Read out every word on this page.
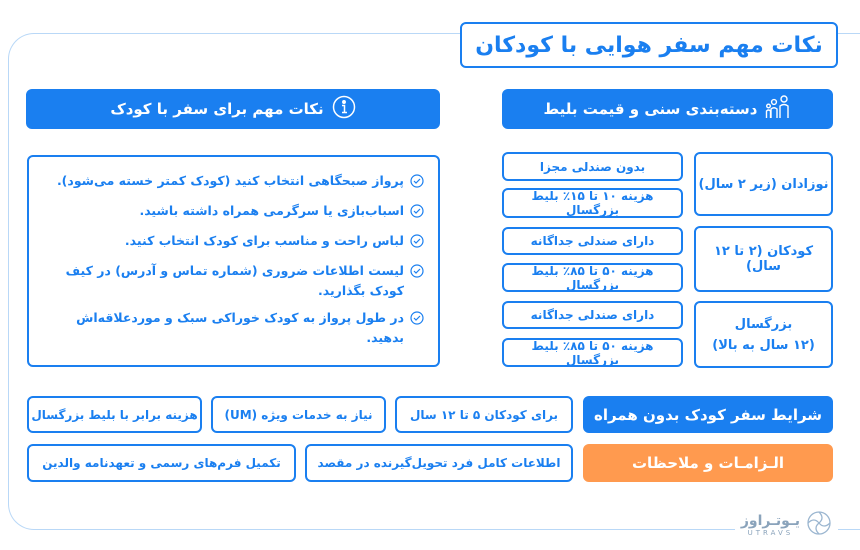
نکات مهم سفر هوایی با کودکان
دسته‌بندی سنی و قیمت بلیط
نکات مهم برای سفر با کودک
نوزادان (زیر ۲ سال)
بدون صندلی مجزا
هزینه ۱۰ تا ۱۵٪ بلیط بزرگسال
کودکان (۲ تا ۱۲ سال)
دارای صندلی جداگانه
هزینه ۵۰ تا ۸۵٪ بلیط بزرگسال
بزرگسال
(۱۲ سال به بالا)
دارای صندلی جداگانه
هزینه ۵۰ تا ۸۵٪ بلیط بزرگسال
پرواز صبحگاهی انتخاب کنید (کودک کمتر خسته می‌شود).
اسباب‌بازی یا سرگرمی همراه داشته باشید.
لباس راحت و مناسب برای کودک انتخاب کنید.
لیست اطلاعات ضروری (شماره تماس و آدرس) در کیف کودک بگذارید.
در طول پرواز به کودک خوراکی سبک و مورد‌علاقه‌اش بدهید.
شرایط سفر کودک بدون همراه
برای کودکان ۵ تا ۱۲ سال
نیاز به خدمات ویژه (UM)
هزینه برابر با بلیط بزرگسال
الـزامـات و ملاحظات
اطلاعات کامل فرد تحویل‌گیرنده در مقصد
تکمیل فرم‌های رسمی و تعهدنامه والدین
یـوتـراوز
UTRAVS
